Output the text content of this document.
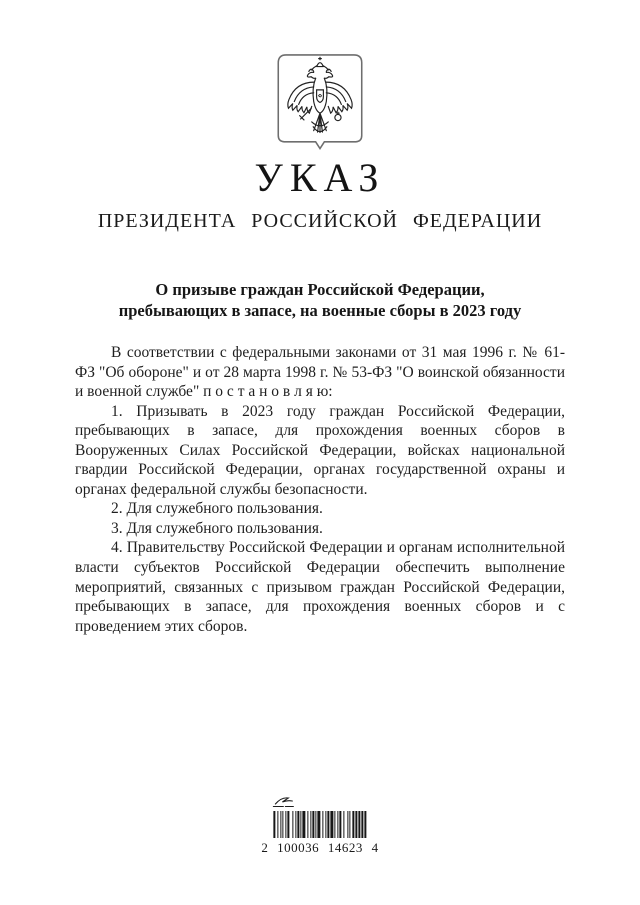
УКАЗ
ПРЕЗИДЕНТА РОССИЙСКОЙ ФЕДЕРАЦИИ
О призыве граждан Российской Федерации,
пребывающих в запасе, на военные сборы в 2023 году

В соответствии с федеральными законами от 31 мая 1996 г. № 61-ФЗ "Об обороне" и от 28 марта 1998 г. № 53-ФЗ "О воинской обязанности и военной службе" п о с т а н о в л я ю:

1. Призывать в 2023 году граждан Российской Федерации, пребывающих в запасе, для прохождения военных сборов в Вооруженных Силах Российской Федерации, войсках национальной гвардии Российской Федерации, органах государственной охраны и органах федеральной службы безопасности.

2. Для служебного пользования.

3. Для служебного пользования.

4. Правительству Российской Федерации и органам исполнительной власти субъектов Российской Федерации обеспечить выполнение мероприятий, связанных с призывом граждан Российской Федерации, пребывающих в запасе, для прохождения военных сборов и с проведением этих сборов.

2 100036 14623 4
